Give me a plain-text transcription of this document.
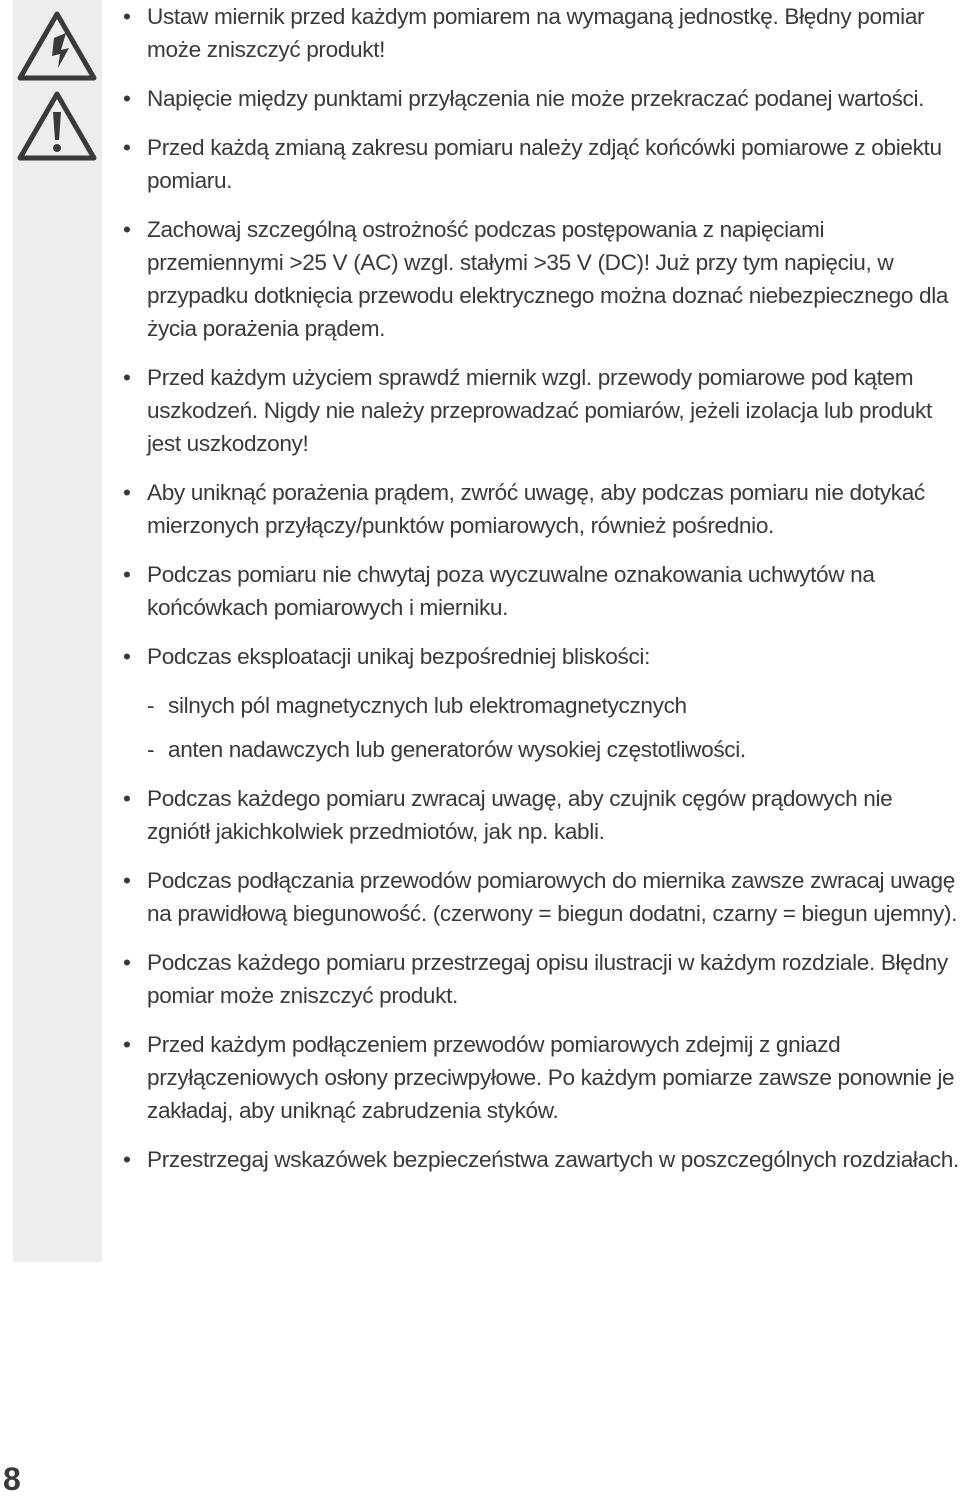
• Ustaw miernik przed każdym pomiarem na wymaganą jednostkę. Błędny pomiar może zniszczyć produkt!
• Napięcie między punktami przyłączenia nie może przekraczać podanej wartości.
• Przed każdą zmianą zakresu pomiaru należy zdjąć końcówki pomiarowe z obiektu pomiaru.
• Zachowaj szczególną ostrożność podczas postępowania z napięciami przemiennymi >25 V (AC) wzgl. stałymi >35 V (DC)! Już przy tym napięciu, w przypadku dotknięcia przewodu elektrycznego można doznać niebezpiecznego dla życia porażenia prądem.
• Przed każdym użyciem sprawdź miernik wzgl. przewody pomiarowe pod kątem uszkodzeń. Nigdy nie należy przeprowadzać pomiarów, jeżeli izolacja lub produkt jest uszkodzony!
• Aby uniknąć porażenia prądem, zwróć uwagę, aby podczas pomiaru nie dotykać mierzonych przyłączy/punktów pomiarowych, również pośrednio.
• Podczas pomiaru nie chwytaj poza wyczuwalne oznakowania uchwytów na końcówkach pomiarowych i mierniku.
• Podczas eksploatacji unikaj bezpośredniej bliskości:
- silnych pól magnetycznych lub elektromagnetycznych
- anten nadawczych lub generatorów wysokiej częstotliwości.
• Podczas każdego pomiaru zwracaj uwagę, aby czujnik cęgów prądowych nie zgniótł jakichkolwiek przedmiotów, jak np. kabli.
• Podczas podłączania przewodów pomiarowych do miernika zawsze zwracaj uwagę na prawidłową biegunowość. (czerwony = biegun dodatni, czarny = biegun ujemny).
• Podczas każdego pomiaru przestrzegaj opisu ilustracji w każdym rozdziale. Błędny pomiar może zniszczyć produkt.
• Przed każdym podłączeniem przewodów pomiarowych zdejmij z gniazd przyłączeniowych osłony przeciwpyłowe. Po każdym pomiarze zawsze ponownie je zakładaj, aby uniknąć zabrudzenia styków.
• Przestrzegaj wskazówek bezpieczeństwa zawartych w poszczególnych rozdziałach.
8
